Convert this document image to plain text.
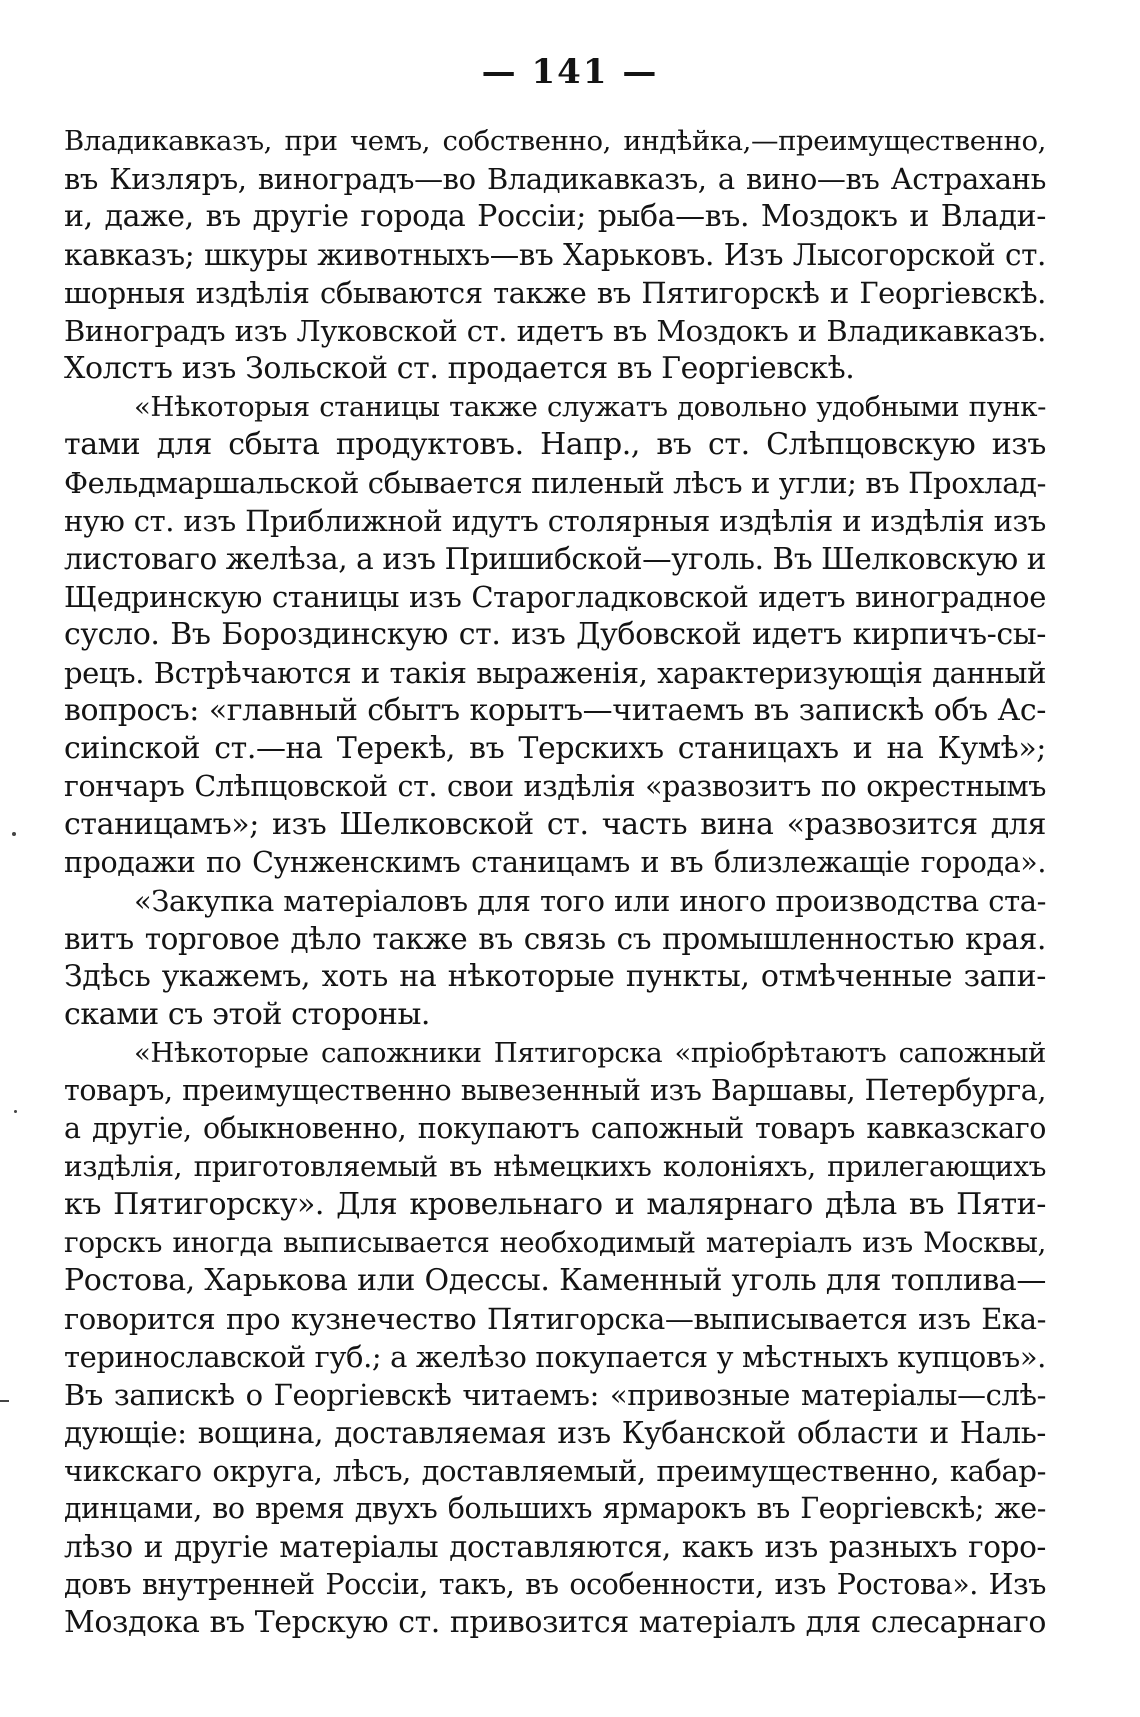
— 141 —
Владикавказъ, при чемъ, собственно, индѣйка,—преимущественно,
въ Кизляръ, виноградъ—во Владикавказъ, а вино—въ Астрахань
и, даже, въ другіе города Россіи; рыба—въ. Моздокъ и Влади-
кавказъ; шкуры животныхъ—въ Харьковъ. Изъ Лысогорской ст.
шорныя издѣлія сбываются также въ Пятигорскѣ и Георгіевскѣ.
Виноградъ изъ Луковской ст. идетъ въ Моздокъ и Владикавказъ.
Холстъ изъ Зольской ст. продается въ Георгіевскѣ.
«Нѣкоторыя станицы также служатъ довольно удобными пунк-
тами для сбыта продуктовъ. Напр., въ ст. Слѣпцовскую изъ
Фельдмаршальской сбывается пиленый лѣсъ и угли; въ Прохлад-
ную ст. изъ Приближной идутъ столярныя издѣлія и издѣлія изъ
листоваго желѣза, а изъ Пришибской—уголь. Въ Шелковскую и
Щедринскую станицы изъ Старогладковской идетъ виноградное
сусло. Въ Бороздинскую ст. изъ Дубовской идетъ кирпичъ-сы-
рецъ. Встрѣчаются и такія выраженія, характеризующія данный
вопросъ: «главный сбытъ корытъ—читаемъ въ запискѣ объ Ас-
сиinской ст.—на Терекѣ, въ Терскихъ станицахъ и на Кумѣ»;
гончаръ Слѣпцовской ст. свои издѣлія «развозитъ по окрестнымъ
станицамъ»; изъ Шелковской ст. часть вина «развозится для
продажи по Сунженскимъ станицамъ и въ близлежащіе города».
«Закупка матеріаловъ для того или иного производства ста-
витъ торговое дѣло также въ связь съ промышленностью края.
Здѣсь укажемъ, хоть на нѣкоторые пункты, отмѣченные запи-
сками съ этой стороны.
«Нѣкоторые сапожники Пятигорска «пріобрѣтаютъ сапожный
товаръ, преимущественно вывезенный изъ Варшавы, Петербурга,
а другіе, обыкновенно, покупаютъ сапожный товаръ кавказскаго
издѣлія, приготовляемый въ нѣмецкихъ колоніяхъ, прилегающихъ
къ Пятигорску». Для кровельнаго и малярнаго дѣла въ Пяти-
горскъ иногда выписывается необходимый матеріалъ изъ Москвы,
Ростова, Харькова или Одессы. Каменный уголь для топлива—
говорится про кузнечество Пятигорска—выписывается изъ Ека-
теринославской губ.; а желѣзо покупается у мѣстныхъ купцовъ».
Въ запискѣ о Георгіевскѣ читаемъ: «привозные матеріалы—слѣ-
дующіе: вощина, доставляемая изъ Кубанской области и Наль-
чикскаго округа, лѣсъ, доставляемый, преимущественно, кабар-
динцами, во время двухъ большихъ ярмарокъ въ Георгіевскѣ; же-
лѣзо и другіе матеріалы доставляются, какъ изъ разныхъ горо-
довъ внутренней Россіи, такъ, въ особенности, изъ Ростова». Изъ
Моздока въ Терскую ст. привозится матеріалъ для слесарнаго
